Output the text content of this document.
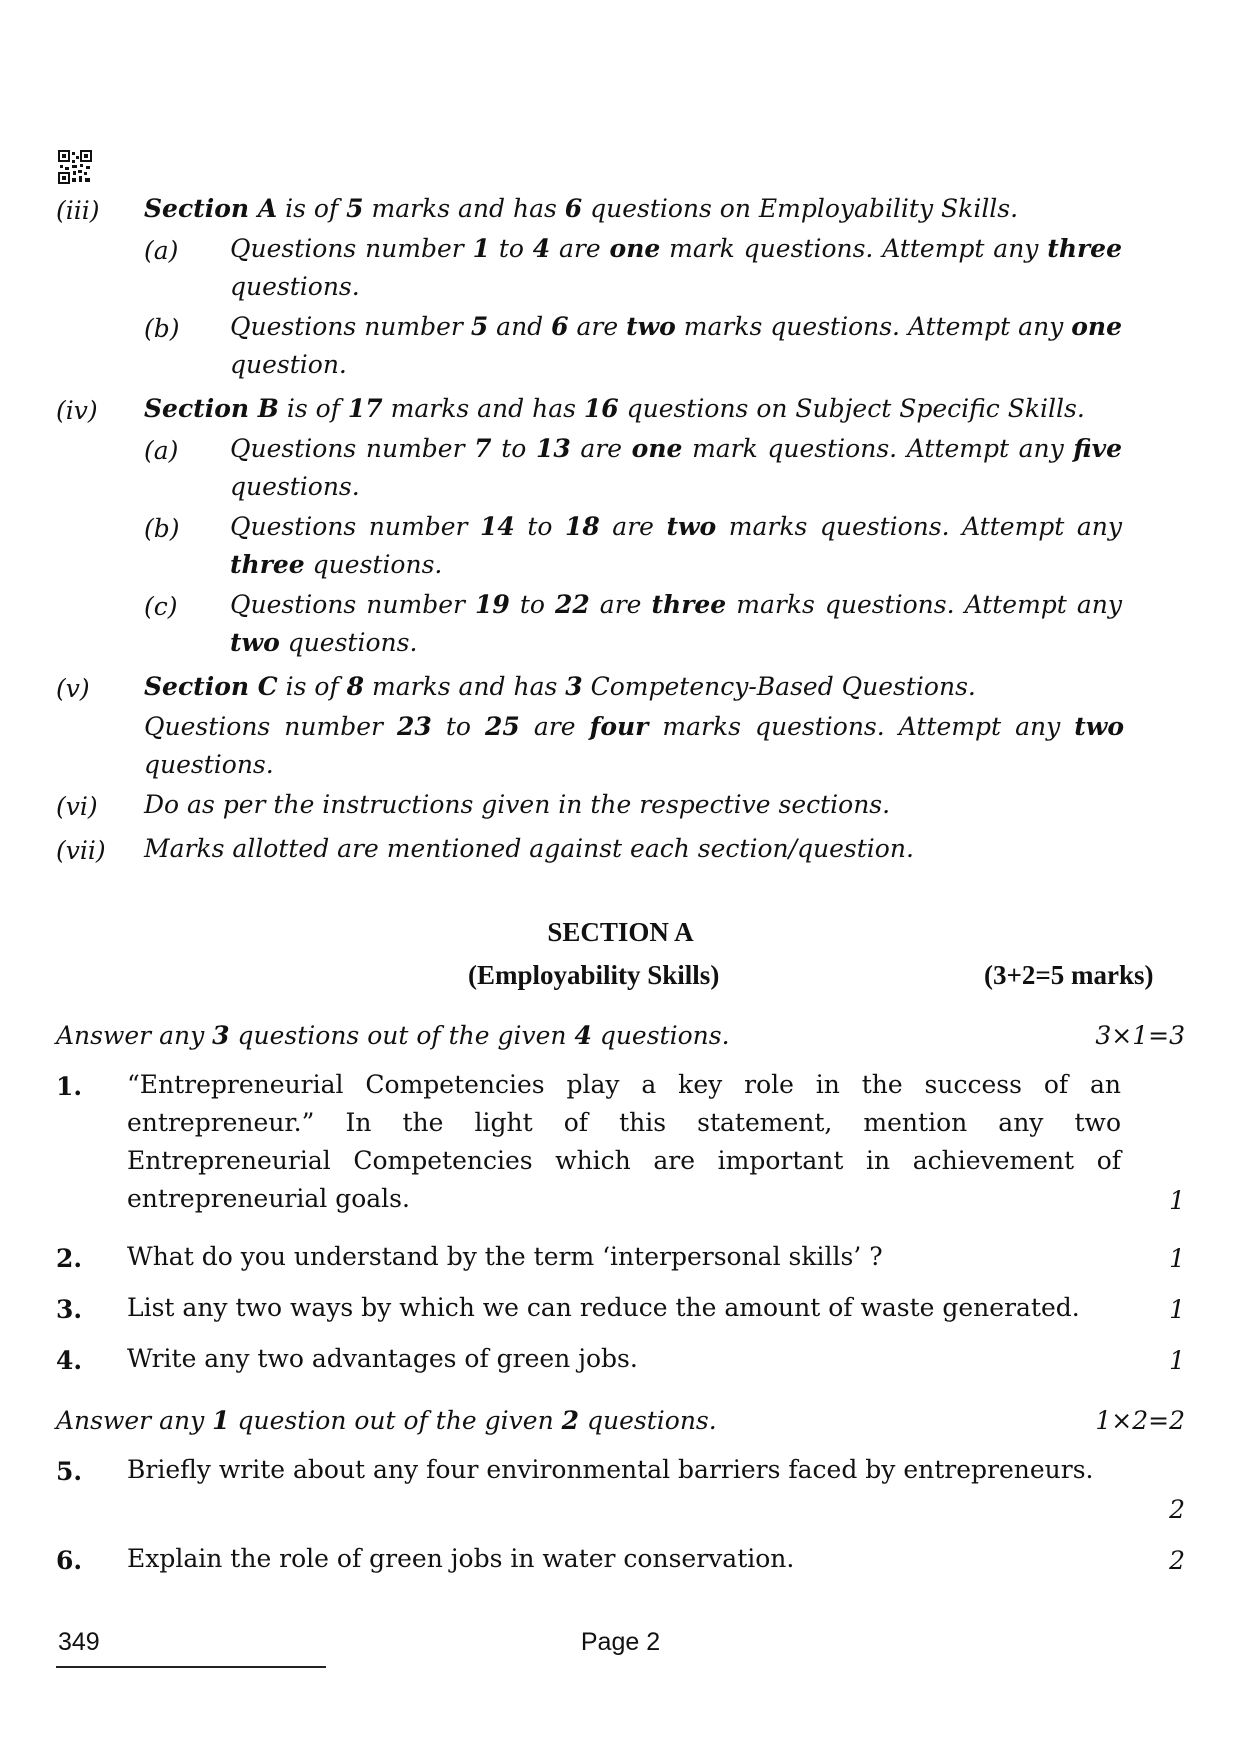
(iii) Section A is of 5 marks and has 6 questions on Employability Skills.
(a) Questions number 1 to 4 are one mark questions. Attempt any three questions.
(b) Questions number 5 and 6 are two marks questions. Attempt any one question.
(iv) Section B is of 17 marks and has 16 questions on Subject Specific Skills.
(a) Questions number 7 to 13 are one mark questions. Attempt any five questions.
(b) Questions number 14 to 18 are two marks questions. Attempt any three questions.
(c) Questions number 19 to 22 are three marks questions. Attempt any two questions.
(v) Section C is of 8 marks and has 3 Competency-Based Questions.
Questions number 23 to 25 are four marks questions. Attempt any two questions.
(vi) Do as per the instructions given in the respective sections.
(vii) Marks allotted are mentioned against each section/question.
SECTION A
(Employability Skills)	(3+2=5 marks)
Answer any 3 questions out of the given 4 questions.	3×1=3
Answer any 1 question out of the given 2 questions.	1×2=2
1. “Entrepreneurial Competencies play a key role in the success of an entrepreneur.” In the light of this statement, mention any two Entrepreneurial Competencies which are important in achievement of entrepreneurial goals.	1
2. What do you understand by the term ‘interpersonal skills’ ?	1
3. List any two ways by which we can reduce the amount of waste generated.	1
4. Write any two advantages of green jobs.	1
5. Briefly write about any four environmental barriers faced by entrepreneurs.
2
6. Explain the role of green jobs in water conservation.	2
349	Page 2
